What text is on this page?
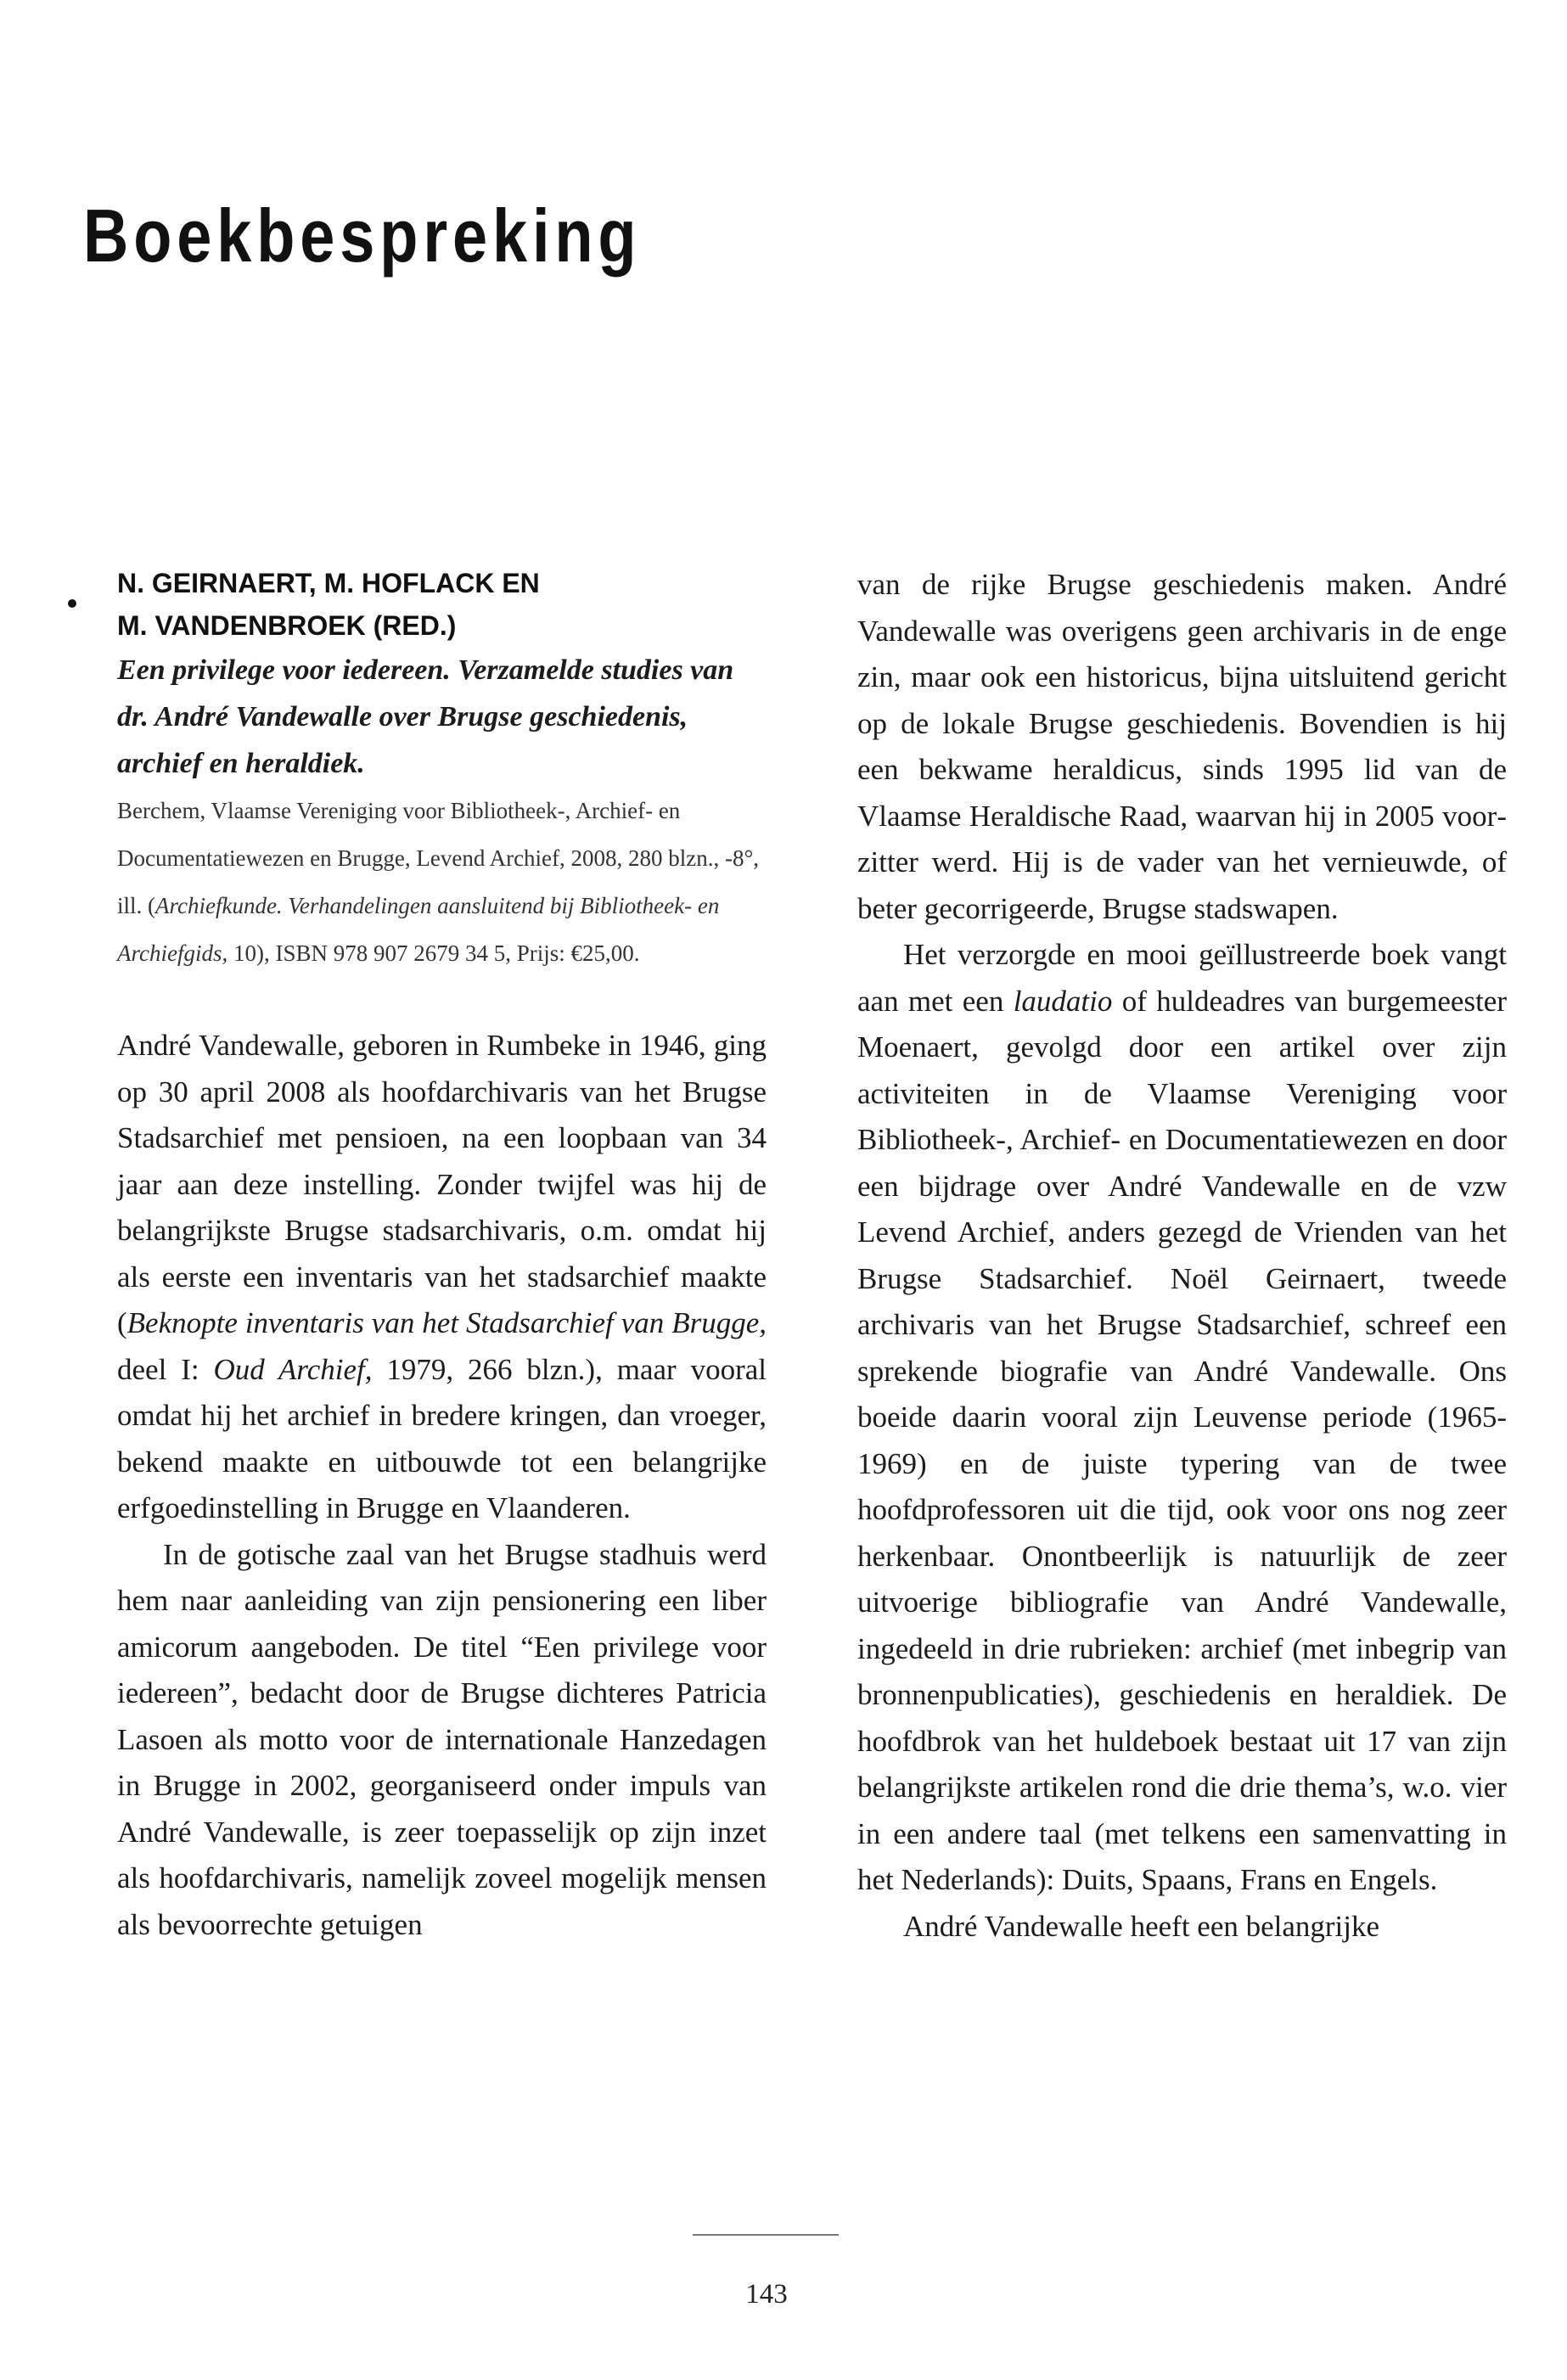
Boekbespreking

N. GEIRNAERT, M. HOFLACK EN
M. VANDENBROEK (RED.)

Een privilege voor iedereen. Verzamelde studies van dr. André Vandewalle over Brugse geschiedenis, archief en heraldiek.

Berchem, Vlaamse Vereniging voor Bibliotheek-, Archief- en Documentatiewezen en Brugge, Levend Archief, 2008, 280 blzn., -8°, ill. (Archiefkunde. Verhandelingen aansluitend bij Bibliotheek- en Archiefgids, 10), ISBN 978 907 2679 34 5, Prijs: €25,00.

André Vandewalle, geboren in Rumbeke in 1946, ging op 30 april 2008 als hoofdarchivaris van het Brugse Stadsarchief met pensioen, na een loopbaan van 34 jaar aan deze instelling. Zonder twijfel was hij de belangrijkste Brugse stadsarchivaris, o.m. omdat hij als eerste een inventaris van het stadsarchief maakte (Beknopte inventaris van het Stadsarchief van Brugge, deel I: Oud Archief, 1979, 266 blzn.), maar vooral omdat hij het archief in bredere kringen, dan vroeger, bekend maakte en uitbouwde tot een belangrijke erfgoedinstelling in Brugge en Vlaanderen.

In de gotische zaal van het Brugse stadhuis werd hem naar aanleiding van zijn pensionering een liber amicorum aangeboden. De titel “Een privilege voor iedereen”, bedacht door de Brugse dichteres Patricia Lasoen als motto voor de internationale Hanzedagen in Brugge in 2002, georganiseerd onder impuls van André Vandewalle, is zeer toepasselijk op zijn inzet als hoofdarchivaris, namelijk zoveel mogelijk mensen als bevoorrechte getuigen

van de rijke Brugse geschiedenis maken. André Vandewalle was overigens geen archivaris in de enge zin, maar ook een historicus, bijna uitsluitend gericht op de lokale Brugse geschiedenis. Bovendien is hij een bekwame heraldicus, sinds 1995 lid van de Vlaamse Heraldische Raad, waarvan hij in 2005 voorzitter werd. Hij is de vader van het vernieuwde, of beter gecorrigeerde, Brugse stadswapen.

Het verzorgde en mooi geïllustreerde boek vangt aan met een laudatio of huldeadres van burgemeester Moenaert, gevolgd door een artikel over zijn activiteiten in de Vlaamse Vereniging voor Bibliotheek-, Archief- en Documentatiewezen en door een bijdrage over André Vandewalle en de vzw Levend Archief, anders gezegd de Vrienden van het Brugse Stadsarchief. Noël Geirnaert, tweede archivaris van het Brugse Stadsarchief, schreef een sprekende biografie van André Vandewalle. Ons boeide daarin vooral zijn Leuvense periode (1965-1969) en de juiste typering van de twee hoofdprofessoren uit die tijd, ook voor ons nog zeer herkenbaar. Onontbeerlijk is natuurlijk de zeer uitvoerige bibliografie van André Vandewalle, ingedeeld in drie rubrieken: archief (met inbegrip van bronnenpublicaties), geschiedenis en heraldiek. De hoofdbrok van het huldeboek bestaat uit 17 van zijn belangrijkste artikelen rond die drie thema’s, w.o. vier in een andere taal (met telkens een samenvatting in het Nederlands): Duits, Spaans, Frans en Engels.

André Vandewalle heeft een belangrijke

143
